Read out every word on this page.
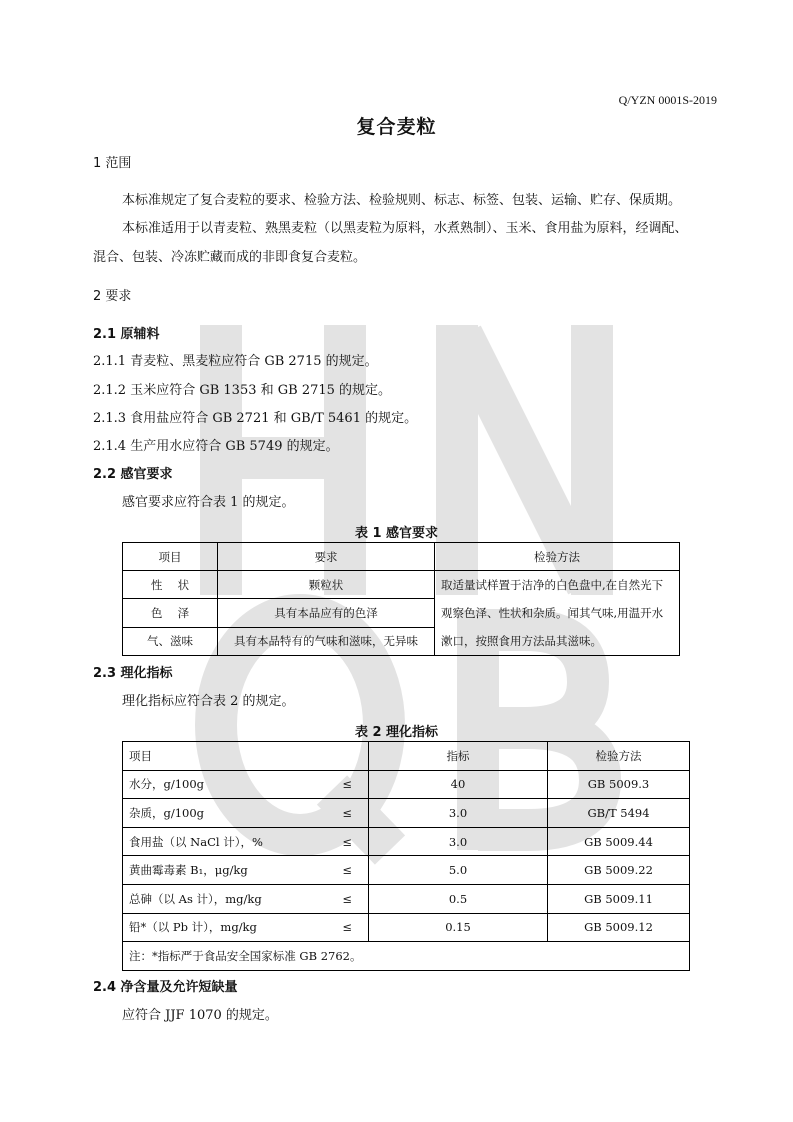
Q/YZN 0001S-2019
复合麦粒
1 范围
本标准规定了复合麦粒的要求、检验方法、检验规则、标志、标签、包装、运输、贮存、保质期。
本标准适用于以青麦粒、熟黑麦粒（以黑麦粒为原料，水煮熟制）、玉米、食用盐为原料，经调配、
混合、包装、冷冻贮藏而成的非即食复合麦粒。
2 要求
2.1 原辅料
2.1.1 青麦粒、黑麦粒应符合 GB 2715 的规定。
2.1.2 玉米应符合 GB 1353 和 GB 2715 的规定。
2.1.3 食用盐应符合 GB 2721 和 GB/T 5461 的规定。
2.1.4 生产用水应符合 GB 5749 的规定。
2.2 感官要求
感官要求应符合表 1 的规定。
表 1 感官要求
项目	要求	检验方法
性　 状	颗粒状	取适量试样置于洁净的白色盘中,在自然光下
观察色泽、性状和杂质。闻其气味,用温开水
漱口，按照食用方法品其滋味。

色　 泽	具有本品应有的色泽	
气、滋味	具有本品特有的气味和滋味，无异味	
2.3 理化指标
理化指标应符合表 2 的规定。
表 2 理化指标
项目	指标	检验方法
水分，g/100g ≤	40	GB 5009.3
杂质，g/100g ≤	3.0	GB/T 5494
食用盐（以 NaCl 计），% ≤	3.0	GB 5009.44
黄曲霉毒素 B₁，μg/kg ≤	5.0	GB 5009.22
总砷（以 As 计），mg/kg ≤	0.5	GB 5009.11
铅*（以 Pb 计），mg/kg ≤	0.15	GB 5009.12
注：*指标严于食品安全国家标准 GB 2762。		
2.4 净含量及允许短缺量
应符合 JJF 1070 的规定。
